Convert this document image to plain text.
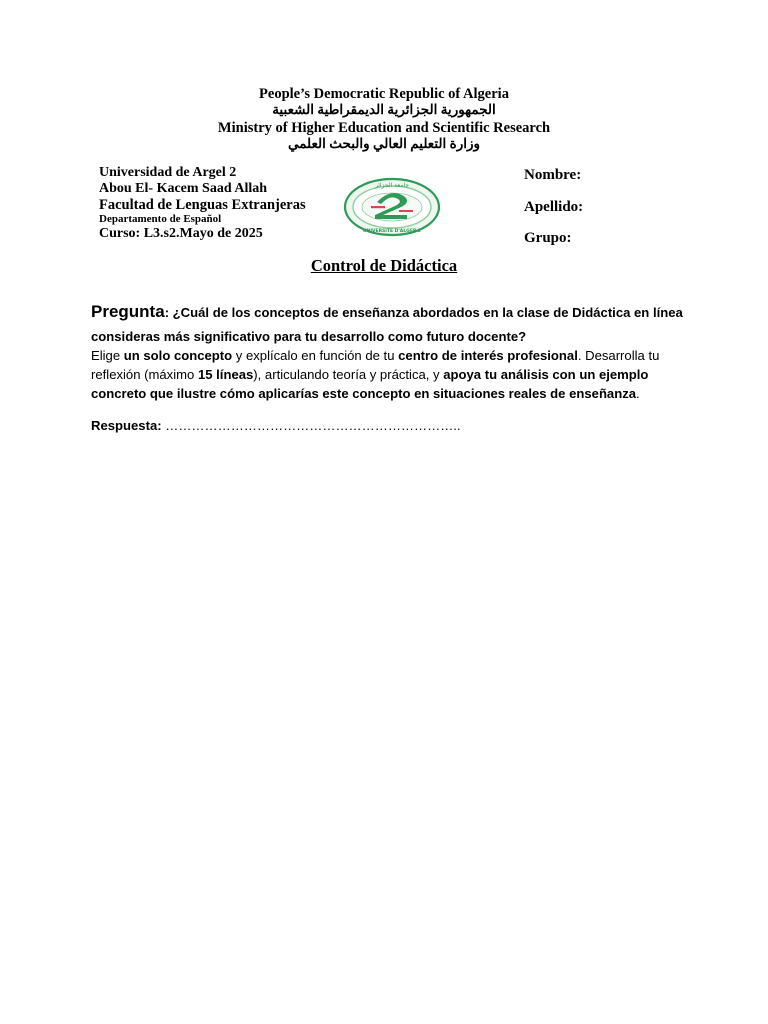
People’s Democratic Republic of Algeria
الجمهورية الجزائرية الديمقراطية الشعبية
Ministry of Higher Education and Scientific Research
وزارة التعليم العالي والبحث العلمي
Universidad de Argel 2
Abou El- Kacem Saad Allah
Facultad de Lenguas Extranjeras
Departamento de Español
Curso: L3.s2.Mayo de 2025
جامعة الجزائر
UNIVERSITE D'ALGER 2
Nombre:
Apellido:
Grupo:
Control de Didáctica
Pregunta: ¿Cuál de los conceptos de enseñanza abordados en la clase de Didáctica en línea
consideras más significativo para tu desarrollo como futuro docente?
Elige un solo concepto y explícalo en función de tu centro de interés profesional. Desarrolla tu
reflexión (máximo 15 líneas), articulando teoría y práctica, y apoya tu análisis con un ejemplo
concreto que ilustre cómo aplicarías este concepto en situaciones reales de enseñanza.
Respuesta: …………………………………………………………..
